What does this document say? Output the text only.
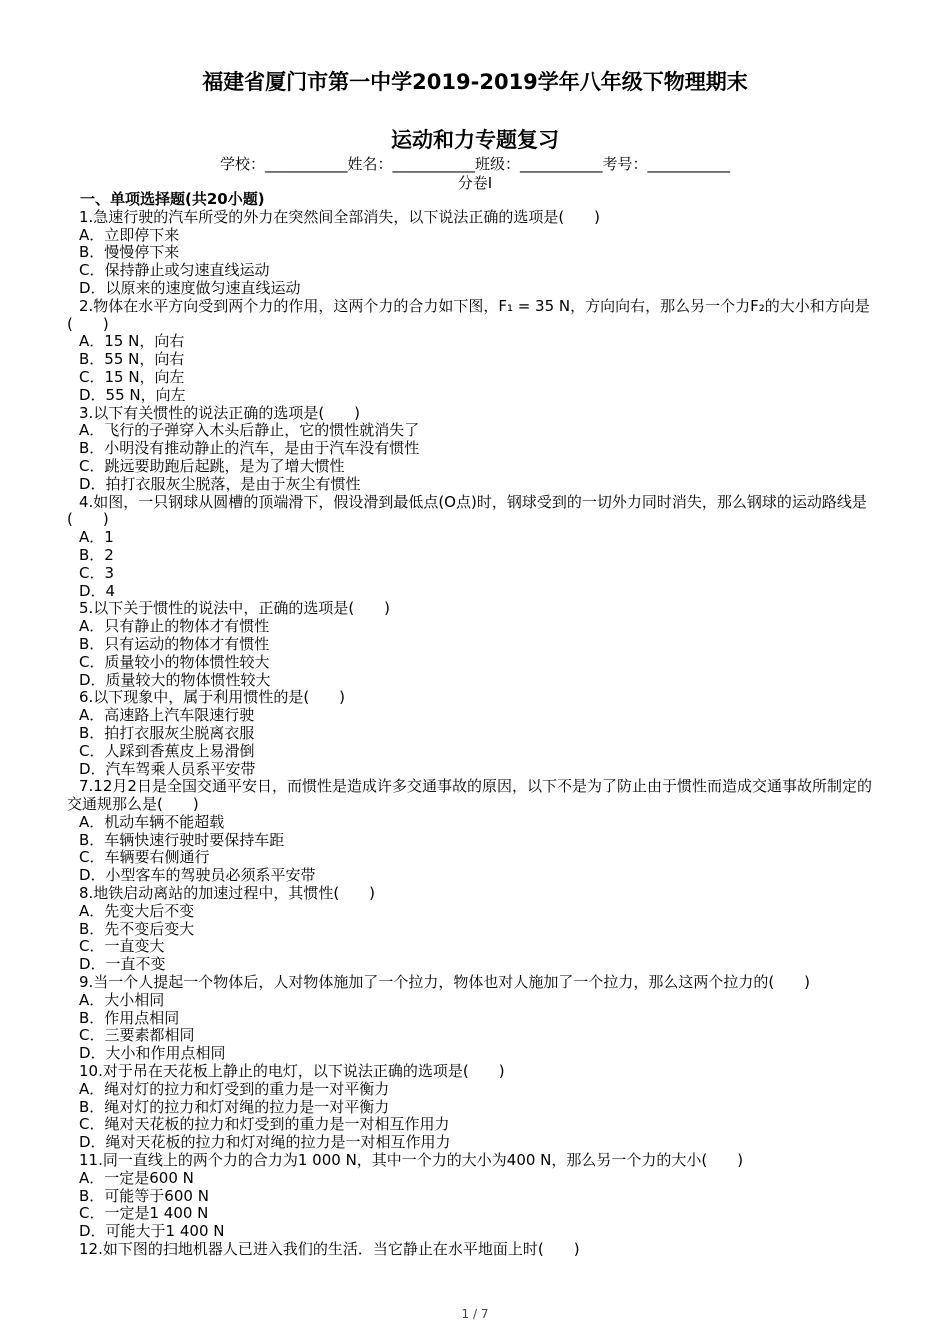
福建省厦门市第一中学2019-2019学年八年级下物理期末
运动和力专题复习
学校：___________姓名：___________班级：___________考号：___________
分卷I

一、单项选择题(共20小题)

1.急速行驶的汽车所受的外力在突然间全部消失，以下说法正确的选项是(　　)

A．立即停下来

B．慢慢停下来

C．保持静止或匀速直线运动

D．以原来的速度做匀速直线运动

2.物体在水平方向受到两个力的作用，这两个力的合力如下图，F₁ = 35 N，方向向右，那么另一个力F₂的大小和方向是(　　)

A．15 N，向右

B．55 N，向右

C．15 N，向左

D．55 N，向左

3.以下有关惯性的说法正确的选项是(　　)

A．飞行的子弹穿入木头后静止，它的惯性就消失了

B．小明没有推动静止的汽车，是由于汽车没有惯性

C．跳远要助跑后起跳，是为了增大惯性

D．拍打衣服灰尘脱落，是由于灰尘有惯性

4.如图，一只钢球从圆槽的顶端滑下，假设滑到最低点(O点)时，钢球受到的一切外力同时消失，那么钢球的运动路线是(　　)

A．1

B．2

C．3

D．4

5.以下关于惯性的说法中，正确的选项是(　　)

A．只有静止的物体才有惯性

B．只有运动的物体才有惯性

C．质量较小的物体惯性较大

D．质量较大的物体惯性较大

6.以下现象中，属于利用惯性的是(　　)

A．高速路上汽车限速行驶

B．拍打衣服灰尘脱离衣服

C．人踩到香蕉皮上易滑倒

D．汽车驾乘人员系平安带

7.12月2日是全国交通平安日，而惯性是造成许多交通事故的原因，以下不是为了防止由于惯性而造成交通事故所制定的交通规那么是(　　)

A．机动车辆不能超载

B．车辆快速行驶时要保持车距

C．车辆要右侧通行

D．小型客车的驾驶员必须系平安带

8.地铁启动离站的加速过程中，其惯性(　　)

A．先变大后不变

B．先不变后变大

C．一直变大

D．一直不变

9.当一个人提起一个物体后，人对物体施加了一个拉力，物体也对人施加了一个拉力，那么这两个拉力的(　　)

A．大小相同

B．作用点相同

C．三要素都相同

D．大小和作用点相同

10.对于吊在天花板上静止的电灯，以下说法正确的选项是(　　)

A．绳对灯的拉力和灯受到的重力是一对平衡力

B．绳对灯的拉力和灯对绳的拉力是一对平衡力

C．绳对天花板的拉力和灯受到的重力是一对相互作用力

D．绳对天花板的拉力和灯对绳的拉力是一对相互作用力

11.同一直线上的两个力的合力为1 000 N，其中一个力的大小为400 N，那么另一个力的大小(　　)

A．一定是600 N

B．可能等于600 N

C．一定是1 400 N

D．可能大于1 400 N

12.如下图的扫地机器人已进入我们的生活．当它静止在水平地面上时(　　)

1 / 7
